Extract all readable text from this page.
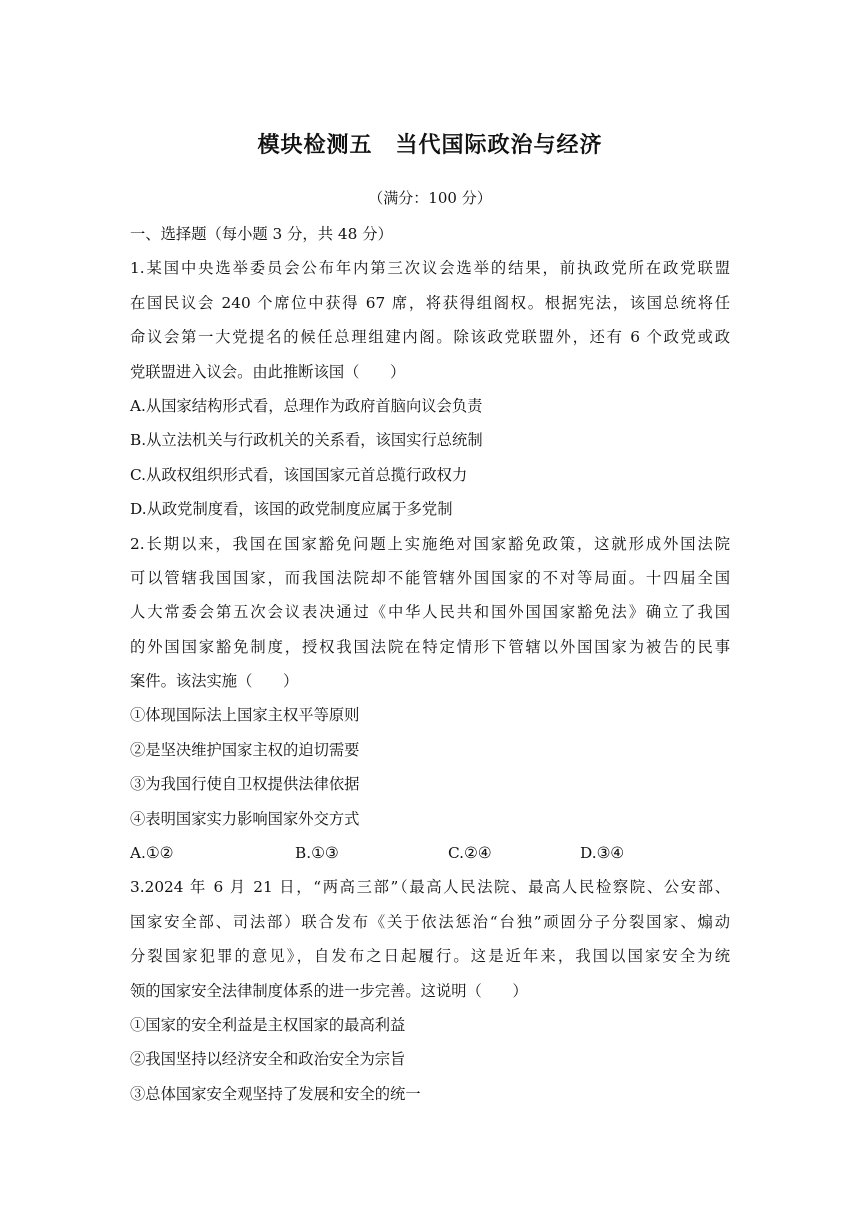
模块检测五　当代国际政治与经济
（满分：100 分）
一、选择题（每小题 3 分，共 48 分）
1.某国中央选举委员会公布年内第三次议会选举的结果，前执政党所在政党联盟
在国民议会 240 个席位中获得 67 席，将获得组阁权。根据宪法，该国总统将任
命议会第一大党提名的候任总理组建内阁。除该政党联盟外，还有 6 个政党或政
党联盟进入议会。由此推断该国（　　）
A.从国家结构形式看，总理作为政府首脑向议会负责
B.从立法机关与行政机关的关系看，该国实行总统制
C.从政权组织形式看，该国国家元首总揽行政权力
D.从政党制度看，该国的政党制度应属于多党制
2.长期以来，我国在国家豁免问题上实施绝对国家豁免政策，这就形成外国法院
可以管辖我国国家，而我国法院却不能管辖外国国家的不对等局面。十四届全国
人大常委会第五次会议表决通过《中华人民共和国外国国家豁免法》确立了我国
的外国国家豁免制度，授权我国法院在特定情形下管辖以外国国家为被告的民事
案件。该法实施（　　）
①体现国际法上国家主权平等原则
②是坚决维护国家主权的迫切需要
③为我国行使自卫权提供法律依据
④表明国家实力影响国家外交方式
A.①②	B.①③	C.②④	D.③④
3.2024 年 6 月 21 日，“两高三部”（最高人民法院、最高人民检察院、公安部、
国家安全部、司法部）联合发布《关于依法惩治“台独”顽固分子分裂国家、煽动
分裂国家犯罪的意见》，自发布之日起履行。这是近年来，我国以国家安全为统
领的国家安全法律制度体系的进一步完善。这说明（　　）
①国家的安全利益是主权国家的最高利益
②我国坚持以经济安全和政治安全为宗旨
③总体国家安全观坚持了发展和安全的统一
